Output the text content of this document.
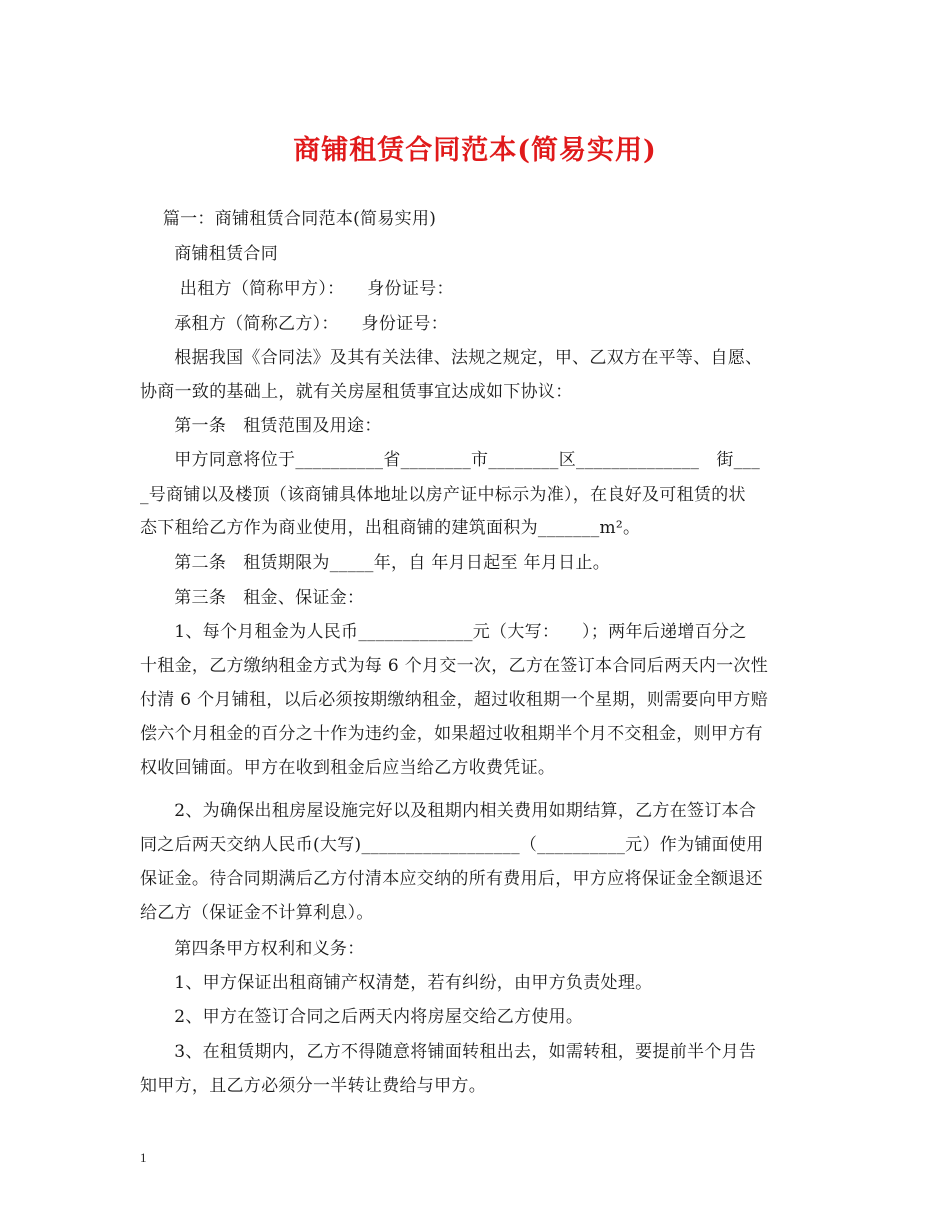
商铺租赁合同范本(简易实用)
篇一：商铺租赁合同范本(简易实用)
商铺租赁合同
出租方（简称甲方）：    身份证号：
承租方（简称乙方）：    身份证号：
根据我国《合同法》及其有关法律、法规之规定，甲、乙双方在平等、自愿、
协商一致的基础上，就有关房屋租赁事宜达成如下协议：
第一条   租赁范围及用途：
甲方同意将位于__________省________市________区______________   街___
_号商铺以及楼顶（该商铺具体地址以房产证中标示为准），在良好及可租赁的状
态下租给乙方作为商业使用，出租商铺的建筑面积为_______m²。
第二条   租赁期限为_____年，自 年月日起至 年月日止。
第三条   租金、保证金：
1、每个月租金为人民币_____________元（大写：    ）；两年后递增百分之
十租金，乙方缴纳租金方式为每 6 个月交一次，乙方在签订本合同后两天内一次性
付清 6 个月铺租，以后必须按期缴纳租金，超过收租期一个星期，则需要向甲方赔
偿六个月租金的百分之十作为违约金，如果超过收租期半个月不交租金，则甲方有
权收回铺面。甲方在收到租金后应当给乙方收费凭证。
2、为确保出租房屋设施完好以及租期内相关费用如期结算，乙方在签订本合
同之后两天交纳人民币(大写)__________________（__________元）作为铺面使用
保证金。待合同期满后乙方付清本应交纳的所有费用后，甲方应将保证金全额退还
给乙方（保证金不计算利息）。
第四条甲方权利和义务：
1、甲方保证出租商铺产权清楚，若有纠纷，由甲方负责处理。
2、甲方在签订合同之后两天内将房屋交给乙方使用。
3、在租赁期内，乙方不得随意将铺面转租出去，如需转租，要提前半个月告
知甲方，且乙方必须分一半转让费给与甲方。
1
